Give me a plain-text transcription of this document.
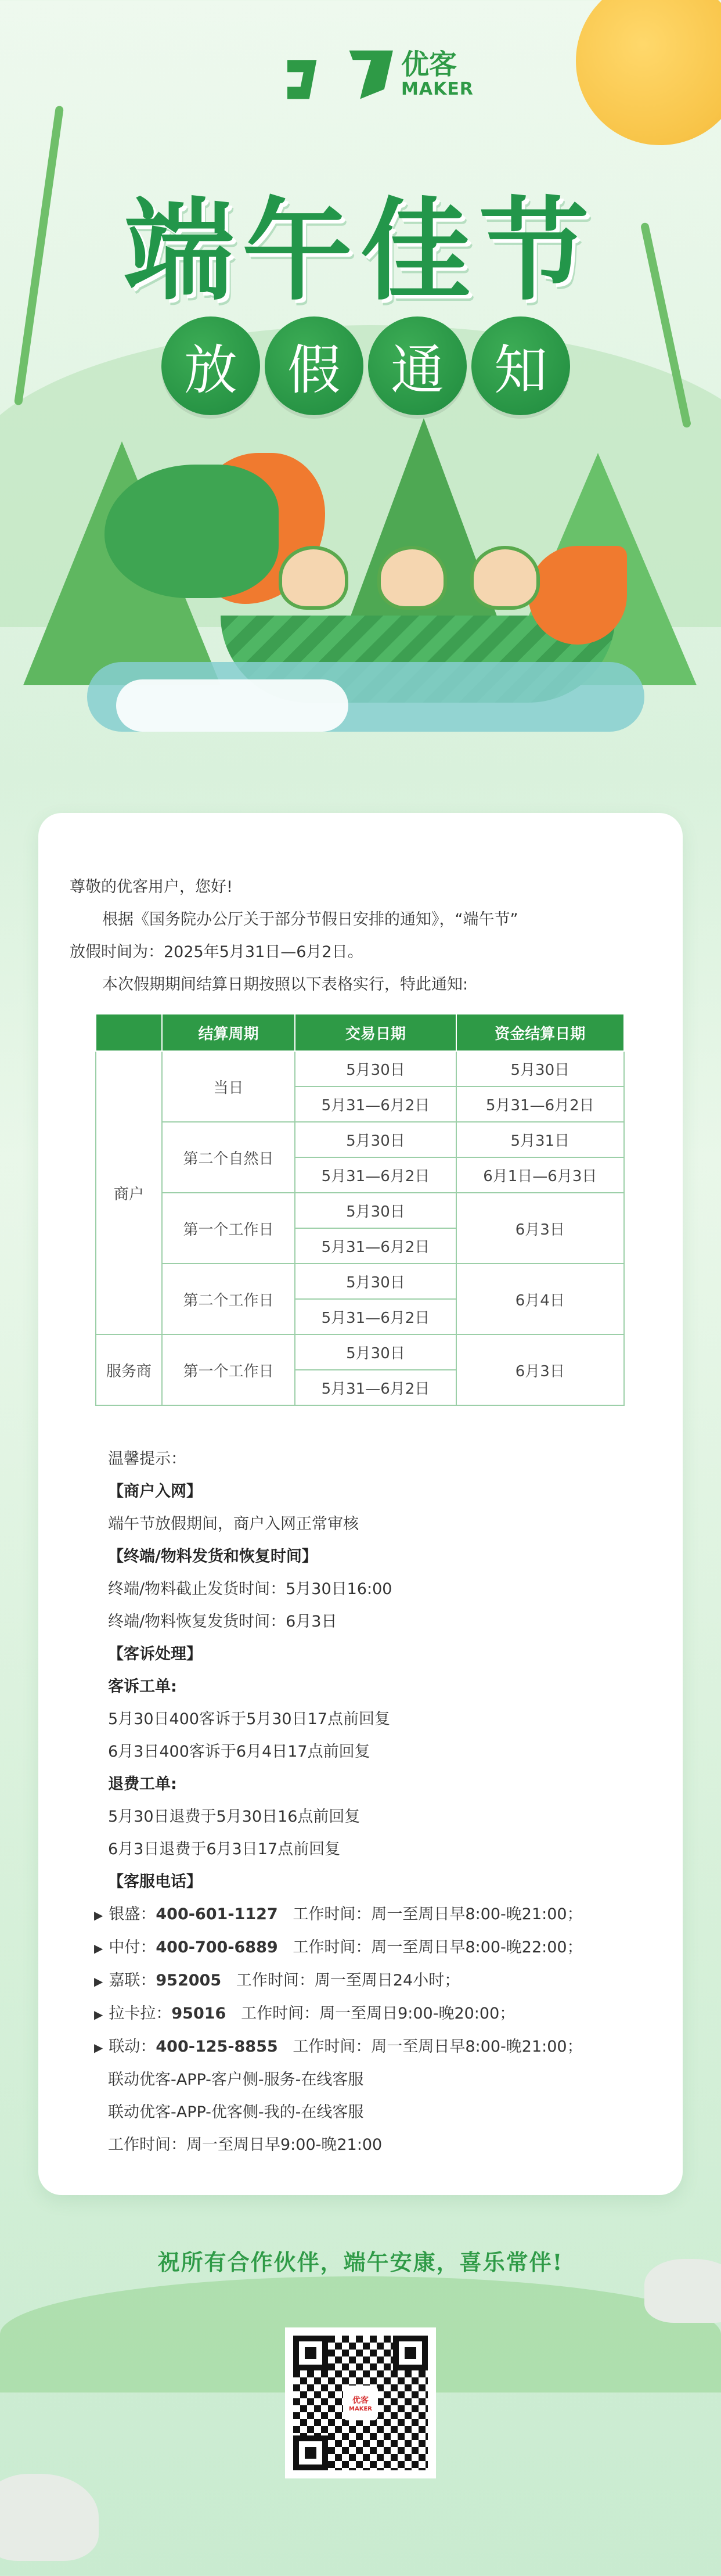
优客
MAKER
端午佳节
放 假 通 知

尊敬的优客用户，您好!

根据《国务院办公厅关于部分节假日安排的通知》，“端午节”

放假时间为：2025年5月31日—6月2日。

本次假期期间结算日期按照以下表格实行，特此通知:

	结算周期	交易日期	资金结算日期
商户	当日	5月30日	5月30日
		5月31—6月2日	5月31—6月2日
	第二个自然日	5月30日	5月31日
		5月31—6月2日	6月1日—6月3日
	第一个工作日	5月30日	6月3日
		5月31—6月2日	
	第二个工作日	5月30日	6月4日
		5月31—6月2日	
服务商	第一个工作日	5月30日	6月3日
		5月31—6月2日	
温馨提示：
【商户入网】
端午节放假期间，商户入网正常审核
【终端/物料发货和恢复时间】
终端/物料截止发货时间：5月30日16:00
终端/物料恢复发货时间：6月3日
【客诉处理】
客诉工单:
5月30日400客诉于5月30日17点前回复
6月3日400客诉于6月4日17点前回复
退费工单:
5月30日退费于5月30日16点前回复
6月3日退费于6月3日17点前回复
【客服电话】
▶ 银盛：400-601-1127 工作时间：周一至周日早8:00-晚21:00；
▶ 中付：400-700-6889 工作时间：周一至周日早8:00-晚22:00；
▶ 嘉联：952005 工作时间：周一至周日24小时；
▶ 拉卡拉：95016 工作时间：周一至周日9:00-晚20:00；
▶ 联动：400-125-8855 工作时间：周一至周日早8:00-晚21:00；
联动优客-APP-客户侧-服务-在线客服
联动优客-APP-优客侧-我的-在线客服
工作时间：周一至周日早9:00-晚21:00
祝所有合作伙伴，端午安康，喜乐常伴!
优客
MAKER
